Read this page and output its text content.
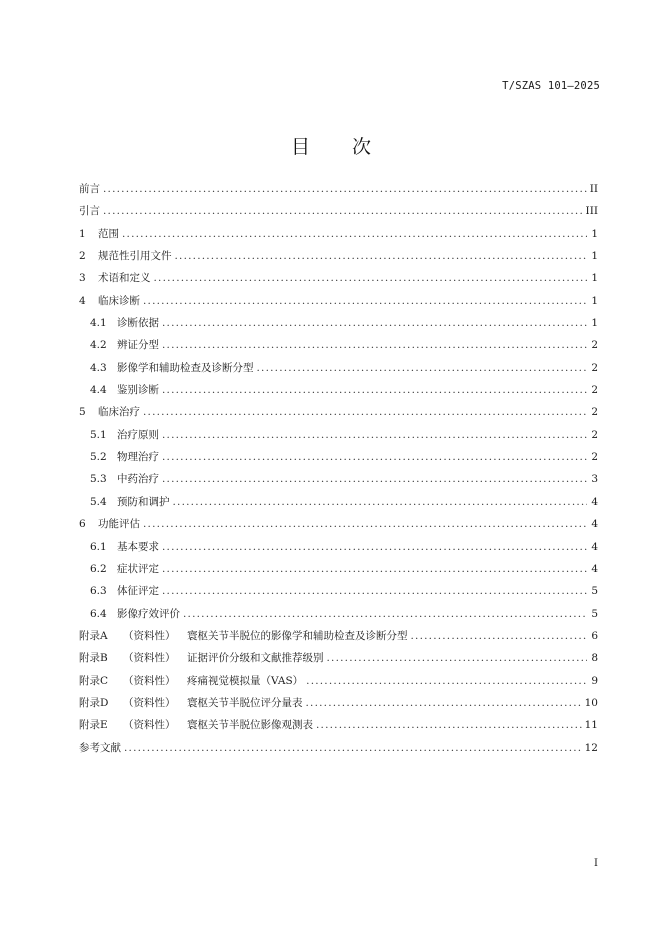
T/SZAS 101—2025
目次
前言 .....	II
引言 .....	III
1	范围 .....	1
2	规范性引用文件 .....	1
3	术语和定义 .....	1
4	临床诊断 .....	1
4.1 诊断依据 .....	1
4.2 辨证分型 .....	2
4.3 影像学和辅助检查及诊断分型 .....	2
4.4 鉴别诊断 .....	2
5	临床治疗 .....	2
5.1 治疗原则 .....	2
5.2 物理治疗 .....	2
5.3 中药治疗 .....	3
5.4 预防和调护 .....	4
6	功能评估 .....	4
6.1 基本要求 .....	4
6.2 症状评定 .....	4
6.3 体征评定 .....	5
6.4 影像疗效评价 .....	5
附录A	（资料性）	寰枢关节半脱位的影像学和辅助检查及诊断分型 .....	6
附录B	（资料性）	证据评价分级和文献推荐级别 .....	8
附录C	（资料性）	疼痛视觉模拟量（VAS） .....	9
附录D	（资料性）	寰枢关节半脱位评分量表 .....	10
附录E	（资料性）	寰枢关节半脱位影像观测表 .....	11
参考文献 .....	12
I
